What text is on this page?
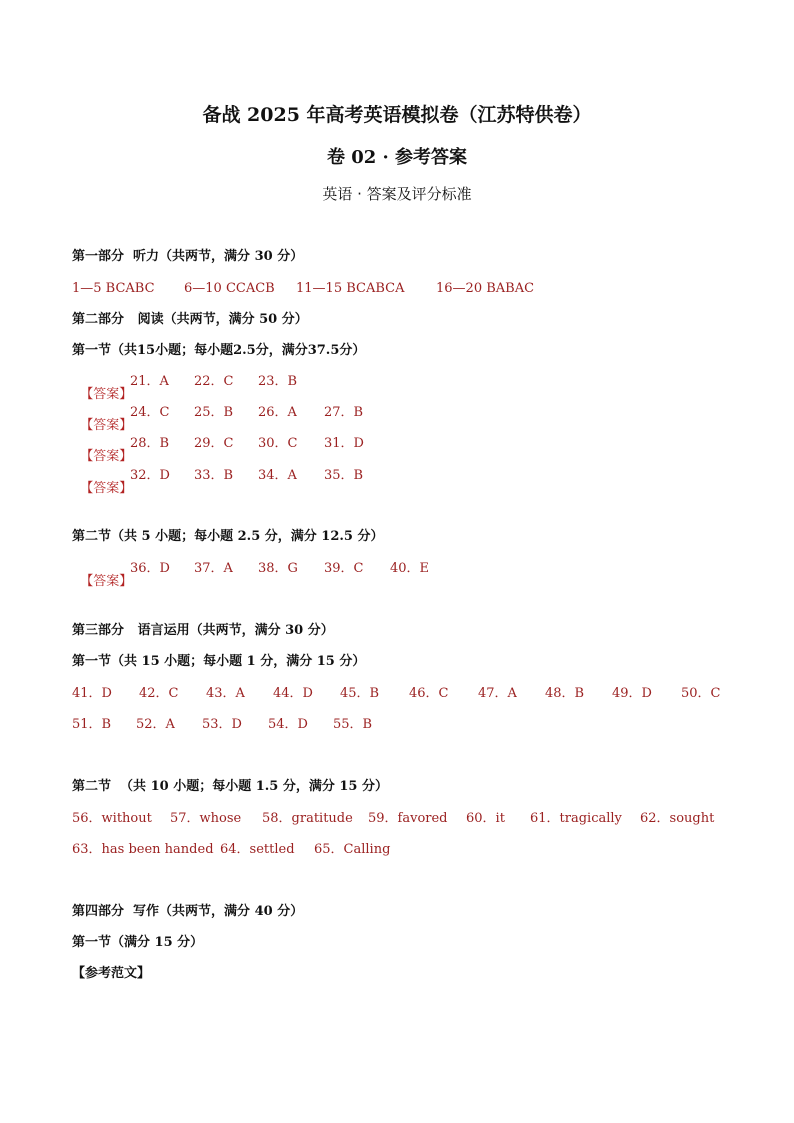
备战 2025 年高考英语模拟卷（江苏特供卷）
卷 02 · 参考答案
英语 · 答案及评分标准
第一部分  听力（共两节，满分 30 分）
1—5 BCABC 6—10 CCACB 11—15 BCABCA 16—20 BABAC
第二部分   阅读（共两节，满分 50 分）
第一节（共15小题；每小题2.5分，满分37.5分）

【答案】

21．A 22．C 23．B

【答案】

24．C 25．B 26．A 27．B

【答案】

28．B 29．C 30．C 31．D

【答案】

32．D 33．B 34．A 35．B
第二节（共 5 小题；每小题 2.5 分，满分 12.5 分）

【答案】

36．D 37．A 38．G 39．C 40．E
第三部分   语言运用（共两节，满分 30 分）
第一节（共 15 小题；每小题 1 分，满分 15 分）
41．D 42．C 43．A 44．D 45．B 46．C 47．A 48．B 49．D 50．C
51．B 52．A 53．D 54．D 55．B
第二节  （共 10 小题；每小题 1.5 分，满分 15 分）
56．without 57．whose 58．gratitude 59．favored 60．it 61．tragically 62．sought
63．has been handed 64．settled 65．Calling
第四部分  写作（共两节，满分 40 分）
第一节（满分 15 分）
【参考范文】
